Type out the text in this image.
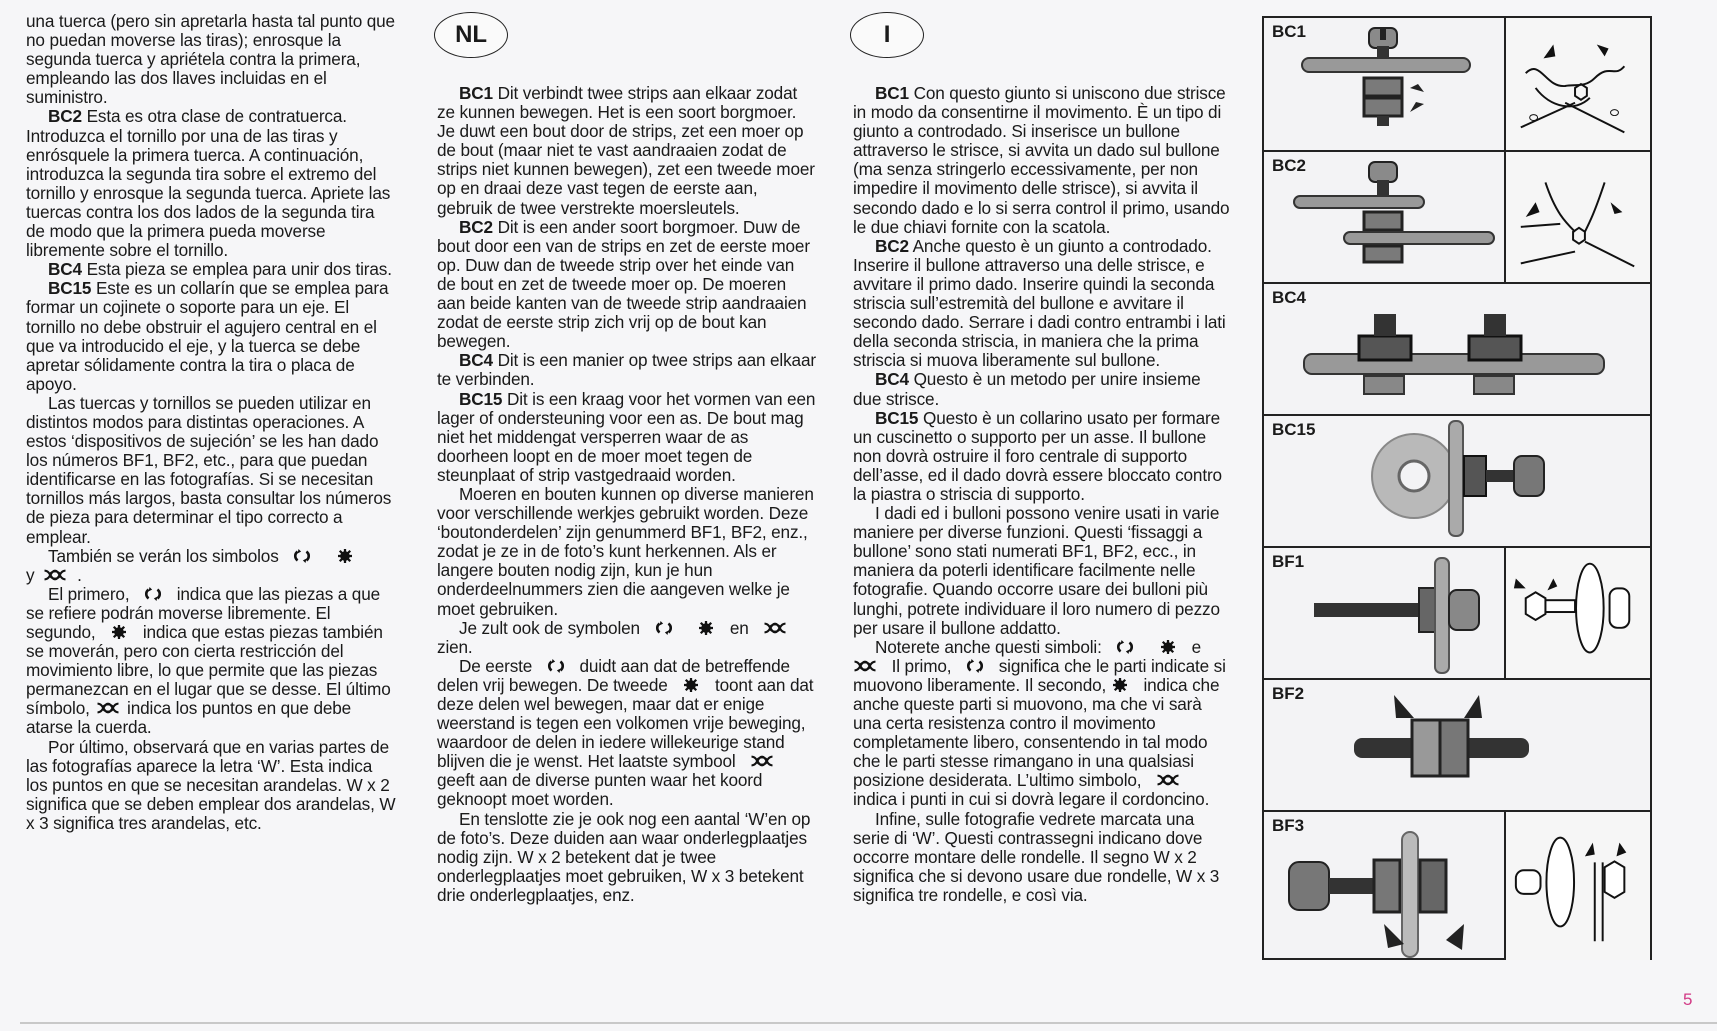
una tuerca (pero sin apretarla hasta tal punto que no puedan moverse las tiras); enrosque la segunda tuerca y apriételа contra la primera, empleando las dos llaves incluidas en el suministro.

BC2 Esta es otra clase de contratuerca. Introduzca el tornillo por una de las tiras y enrósquele la primera tuerca. A continuación, introduzca la segunda tira sobre el extremo del tornillo y enrosque la segunda tuerca. Apriete las tuercas contra los dos lados de la segunda tira de modo que la primera pueda moverse libremente sobre el tornillo.

BC4 Esta pieza se emplea para unir dos tiras.

BC15 Este es un collarín que se emplea para formar un cojinete o soporte para un eje. El tornillo no debe obstruir el agujero central en el que va introducido el eje, y la tuerca se debe apretar sólidamente contra la tira o placa de apoyo.

Las tuercas y tornillos se pueden utilizar en distintos modos para distintas operaciones. A estos ‘dispositivos de sujeción’ se les han dado los números BF1, BF2, etc., para que puedan identificarse en las fotografías. Si se necesitan tornillos más largos, basta consultar los números de pieza para determinar el tipo correcto a emplear.

También se verán los simbolos

y .

El primero,	indica que las piezas a que se refiere podrán moverse libremente. El segundo,	indica que estas piezas también se moverán, pero con cierta restricción del movimiento libre, lo que permite que las piezas permanezcan en el lugar que se desse. El último símbolo, indica los puntos en que debe atarse la cuerda.

Por último, observará que en varias partes de las fotografías aparece la letra ‘W’. Esta indica los puntos en que se necesitan arandelas. W x 2 significa que se deben emplear dos arandelas, W x 3 significa tres arandelas, etc.

NL

BC1 Dit verbindt twee strips aan elkaar zodat ze kunnen bewegen. Het is een soort borgmoer. Je duwt een bout door de strips, zet een moer op de bout (maar niet te vast aandraaien zodat de strips niet kunnen bewegen), zet een tweede moer op en draai deze vast tegen de eerste aan, gebruik de twee verstrekte moersleutels.

BC2 Dit is een ander soort borgmoer. Duw de bout door een van de strips en zet de eerste moer op. Duw dan de tweede strip over het einde van de bout en zet de tweede moer op. De moeren aan beide kanten van de tweede strip aandraaien zodat de eerste strip zich vrij op de bout kan bewegen.

BC4 Dit is een manier op twee strips aan elkaar te verbinden.

BC15 Dit is een kraag voor het vormen van een lager of ondersteuning voor een as. De bout mag niet het middengat versperren waar de as doorheen loopt en de moer moet tegen de steunplaat of strip vastgedraaid worden.

Moeren en bouten kunnen op diverse manieren voor verschillende werkjes gebruikt worden. Deze ‘boutonderdelen’ zijn genummerd BF1, BF2, enz., zodat je ze in de foto’s kunt herkennen. Als er langere bouten nodig zijn, kun je hun onderdeelnummers zien die aangeven welke je moet gebruiken.

Je zult ook de symbolen
	en
zien.

De eerste	duidt aan dat de betreffende delen vrij bewegen. De tweede	toont aan dat deze delen wel bewegen, maar dat er enige weerstand is tegen een volkomen vrije beweging, waardoor de delen in iedere willekeurige stand blijven die je wenst. Het laatste symbool
geeft aan de diverse punten waar het koord geknoopt moet worden.

En tenslotte zie je ook nog een aantal ‘W’en op de foto’s. Deze duiden aan waar onderlegplaatjes nodig zijn. W x 2 betekent dat je twee onderlegplaatjes moet gebruiken, W x 3 betekent drie onderlegplaatjes, enz.

I

BC1 Con questo giunto si uniscono due strisce in modo da consentirne il movimento. È un tipo di giunto a controdado. Si inserisce un bullone attraverso le strisce, si avvita un dado sul bullone (ma senza stringerlo eccessivamente, per non impedire il movimento delle strisce), si avvita il secondo dado e lo si serra control il primo, usando le due chiavi fornite con la scatola.

BC2 Anche questo è un giunto a controdado. Inserire il bullone attraverso una delle strisce, e avvitare il primo dado. Inserire quindi la seconda striscia sull’estremità del bullone e avvitare il secondo dado. Serrare i dadi contro entrambi i lati della seconda striscia, in maniera che la prima striscia si muova liberamente sul bullone.

BC4 Questo è un metodo per unire insieme due strisce.

BC15 Questo è un collarino usato per formare un cuscinetto o supporto per un asse. Il bullone non dovrà ostruire il foro centrale di supporto dell’asse, ed il dado dovrà essere bloccato contro la piastra o striscia di supporto.

I dadi ed i bulloni possono venire usati in varie maniere per diverse funzioni. Questi ‘fissaggi a bullone’ sono stati numerati BF1, BF2, ecc., in maniera da poterli identificare facilmente nelle fotografie. Quando occorre usare dei bulloni più lunghi, potrete individuare il loro numero di pezzo per usare il bullone addatto.

Noterete anche questi simboli:
	e
Il primo,	significa che le parti indicate si muovono liberamente. Il secondo, indica che anche queste parti si muovono, ma che vi sarà una certa resistenza contro il movimento completamente libero, consentendo in tal modo che le parti stesse rimangano in una qualsiasi posizione desiderata. L’ultimo simbolo,
indica i punti in cui si dovrà legare il cordoncino.

Infine, sulle fotografie vedrete marcata una serie di ‘W’. Questi contrassegni indicano dove occorre montare delle rondelle. Il segno W x 2 significa che si devono usare due rondelle, W x 3 significa tre rondelle, e così via.

BC1
BC2
BC4
BC15
BF1
BF2
BF3
5
